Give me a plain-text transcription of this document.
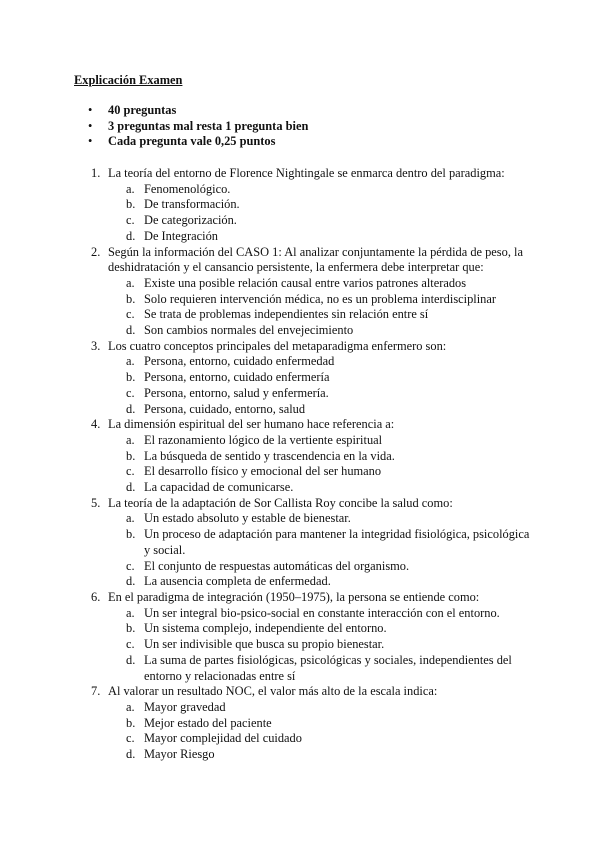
Explicación Examen
• 40 preguntas
• 3 preguntas mal resta 1 pregunta bien
• Cada pregunta vale 0,25 puntos
1. La teoría del entorno de Florence Nightingale se enmarca dentro del paradigma:
a. Fenomenológico.
b. De transformación.
c. De categorización.
d. De Integración
2. Según la información del CASO 1: Al analizar conjuntamente la pérdida de peso, la deshidratación y el cansancio persistente, la enfermera debe interpretar que:
a. Existe una posible relación causal entre varios patrones alterados
b. Solo requieren intervención médica, no es un problema interdisciplinar
c. Se trata de problemas independientes sin relación entre sí
d. Son cambios normales del envejecimiento
3. Los cuatro conceptos principales del metaparadigma enfermero son:
a. Persona, entorno, cuidado enfermedad
b. Persona, entorno, cuidado enfermería
c. Persona, entorno, salud y enfermería.
d. Persona, cuidado, entorno, salud
4. La dimensión espiritual del ser humano hace referencia a:
a. El razonamiento lógico de la vertiente espiritual
b. La búsqueda de sentido y trascendencia en la vida.
c. El desarrollo físico y emocional del ser humano
d. La capacidad de comunicarse.
5. La teoría de la adaptación de Sor Callista Roy concibe la salud como:
a. Un estado absoluto y estable de bienestar.
b. Un proceso de adaptación para mantener la integridad fisiológica, psicológica y social.
c. El conjunto de respuestas automáticas del organismo.
d. La ausencia completa de enfermedad.
6. En el paradigma de integración (1950–1975), la persona se entiende como:
a. Un ser integral bio-psico-social en constante interacción con el entorno.
b. Un sistema complejo, independiente del entorno.
c. Un ser indivisible que busca su propio bienestar.
d. La suma de partes fisiológicas, psicológicas y sociales, independientes del entorno y relacionadas entre sí
7. Al valorar un resultado NOC, el valor más alto de la escala indica:
a. Mayor gravedad
b. Mejor estado del paciente
c. Mayor complejidad del cuidado
d. Mayor Riesgo
